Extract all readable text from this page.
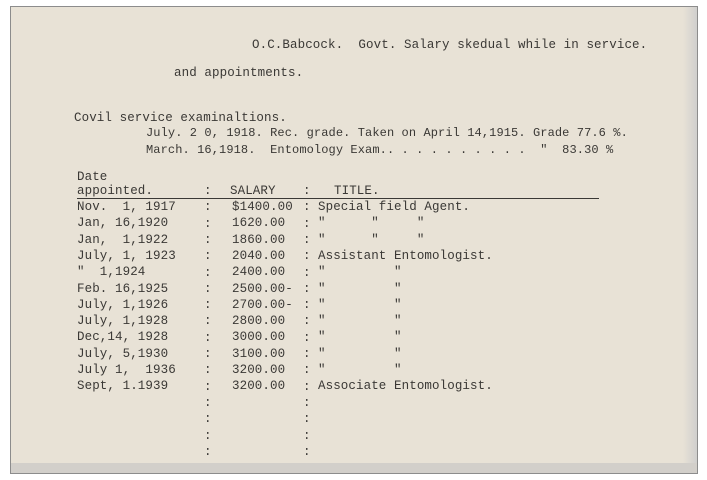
O.C.Babcock.  Govt. Salary skedual while in service.
and appointments.
Covil service examinaltions.
July. 2 0, 1918. Rec. grade. Taken on April 14,1915. Grade 77.6 %.
March. 16,1918.  Entomology Exam.. . . . . . . . . .  "  83.30 %
Date
appointed.	SALARY	TITLE.
Nov.  1, 1917	$1400.00 Special field Agent.
Jan, 16,1920	1620.00	"      "     "
Jan,  1,1922	1860.00	"      "     "
July, 1, 1923	2040.00	Assistant Entomologist.
"  1,1924	2400.00	"         "
Feb. 16,1925	2500.00- "         "
July, 1,1926	2700.00- "         "
July, 1,1928	2800.00	"         "
Dec,14, 1928	3000.00	"         "
July, 5,1930	3100.00	"         "
July 1,  1936	3200.00	"         "
Sept, 1.1939	3200.00	Associate Entomologist.
:	:
:	:
:	:
:	:
:	:
:	:
:	:
:	:
:	:
:	:
:	:
:	:
:	:
:	:
:	:
:	:
:	:
